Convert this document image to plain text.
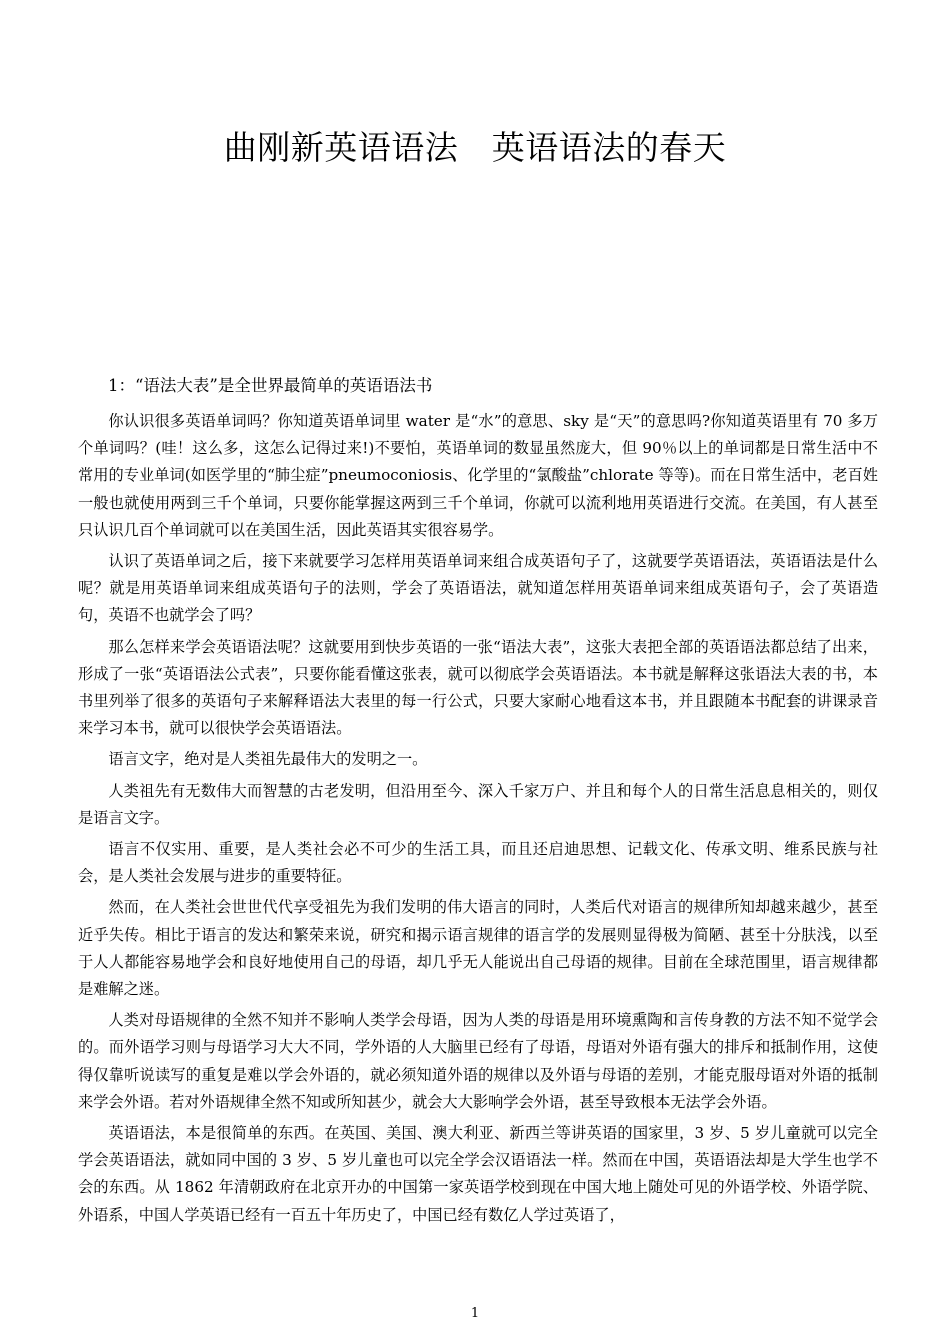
曲刚新英语语法　英语语法的春天
1：“语法大表”是全世界最简单的英语语法书

你认识很多英语单词吗？你知道英语单词里 water 是“水”的意思、sky 是“天”的意思吗?你知道英语里有 70 多万个单词吗？(哇！这么多，这怎么记得过来!)不要怕，英语单词的数显虽然庞大，但 90％以上的单词都是日常生活中不常用的专业单词(如医学里的“肺尘症”pneumoconiosis、化学里的“氯酸盐”chlorate 等等)。而在日常生活中，老百姓一般也就使用两到三千个单词，只要你能掌握这两到三千个单词，你就可以流利地用英语进行交流。在美国，有人甚至只认识几百个单词就可以在美国生活，因此英语其实很容易学。

认识了英语单词之后，接下来就要学习怎样用英语单词来组合成英语句子了，这就要学英语语法，英语语法是什么呢？就是用英语单词来组成英语句子的法则，学会了英语语法，就知道怎样用英语单词来组成英语句子，会了英语造句，英语不也就学会了吗？

那么怎样来学会英语语法呢？这就要用到快步英语的一张“语法大表”，这张大表把全部的英语语法都总结了出来，形成了一张“英语语法公式表”，只要你能看懂这张表，就可以彻底学会英语语法。本书就是解释这张语法大表的书，本书里列举了很多的英语句子来解释语法大表里的每一行公式，只要大家耐心地看这本书，并且跟随本书配套的讲课录音来学习本书，就可以很快学会英语语法。

语言文字，绝对是人类祖先最伟大的发明之一。

人类祖先有无数伟大而智慧的古老发明，但沿用至今、深入千家万户、并且和每个人的日常生活息息相关的，则仅是语言文字。

语言不仅实用、重要，是人类社会必不可少的生活工具，而且还启迪思想、记载文化、传承文明、维系民族与社会，是人类社会发展与进步的重要特征。

然而，在人类社会世世代代享受祖先为我们发明的伟大语言的同时，人类后代对语言的规律所知却越来越少，甚至近乎失传。相比于语言的发达和繁荣来说，研究和揭示语言规律的语言学的发展则显得极为简陋、甚至十分肤浅，以至于人人都能容易地学会和良好地使用自己的母语，却几乎无人能说出自己母语的规律。目前在全球范围里，语言规律都是难解之迷。

人类对母语规律的全然不知并不影响人类学会母语，因为人类的母语是用环境熏陶和言传身教的方法不知不觉学会的。而外语学习则与母语学习大大不同，学外语的人大脑里已经有了母语，母语对外语有强大的排斥和抵制作用，这使得仅靠听说读写的重复是难以学会外语的，就必须知道外语的规律以及外语与母语的差别，才能克服母语对外语的抵制来学会外语。若对外语规律全然不知或所知甚少，就会大大影响学会外语，甚至导致根本无法学会外语。

英语语法，本是很简单的东西。在英国、美国、澳大利亚、新西兰等讲英语的国家里，3 岁、5 岁儿童就可以完全学会英语语法，就如同中国的 3 岁、5 岁儿童也可以完全学会汉语语法一样。然而在中国，英语语法却是大学生也学不会的东西。从 1862 年清朝政府在北京开办的中国第一家英语学校到现在中国大地上随处可见的外语学校、外语学院、外语系，中国人学英语已经有一百五十年历史了，中国已经有数亿人学过英语了，

1
